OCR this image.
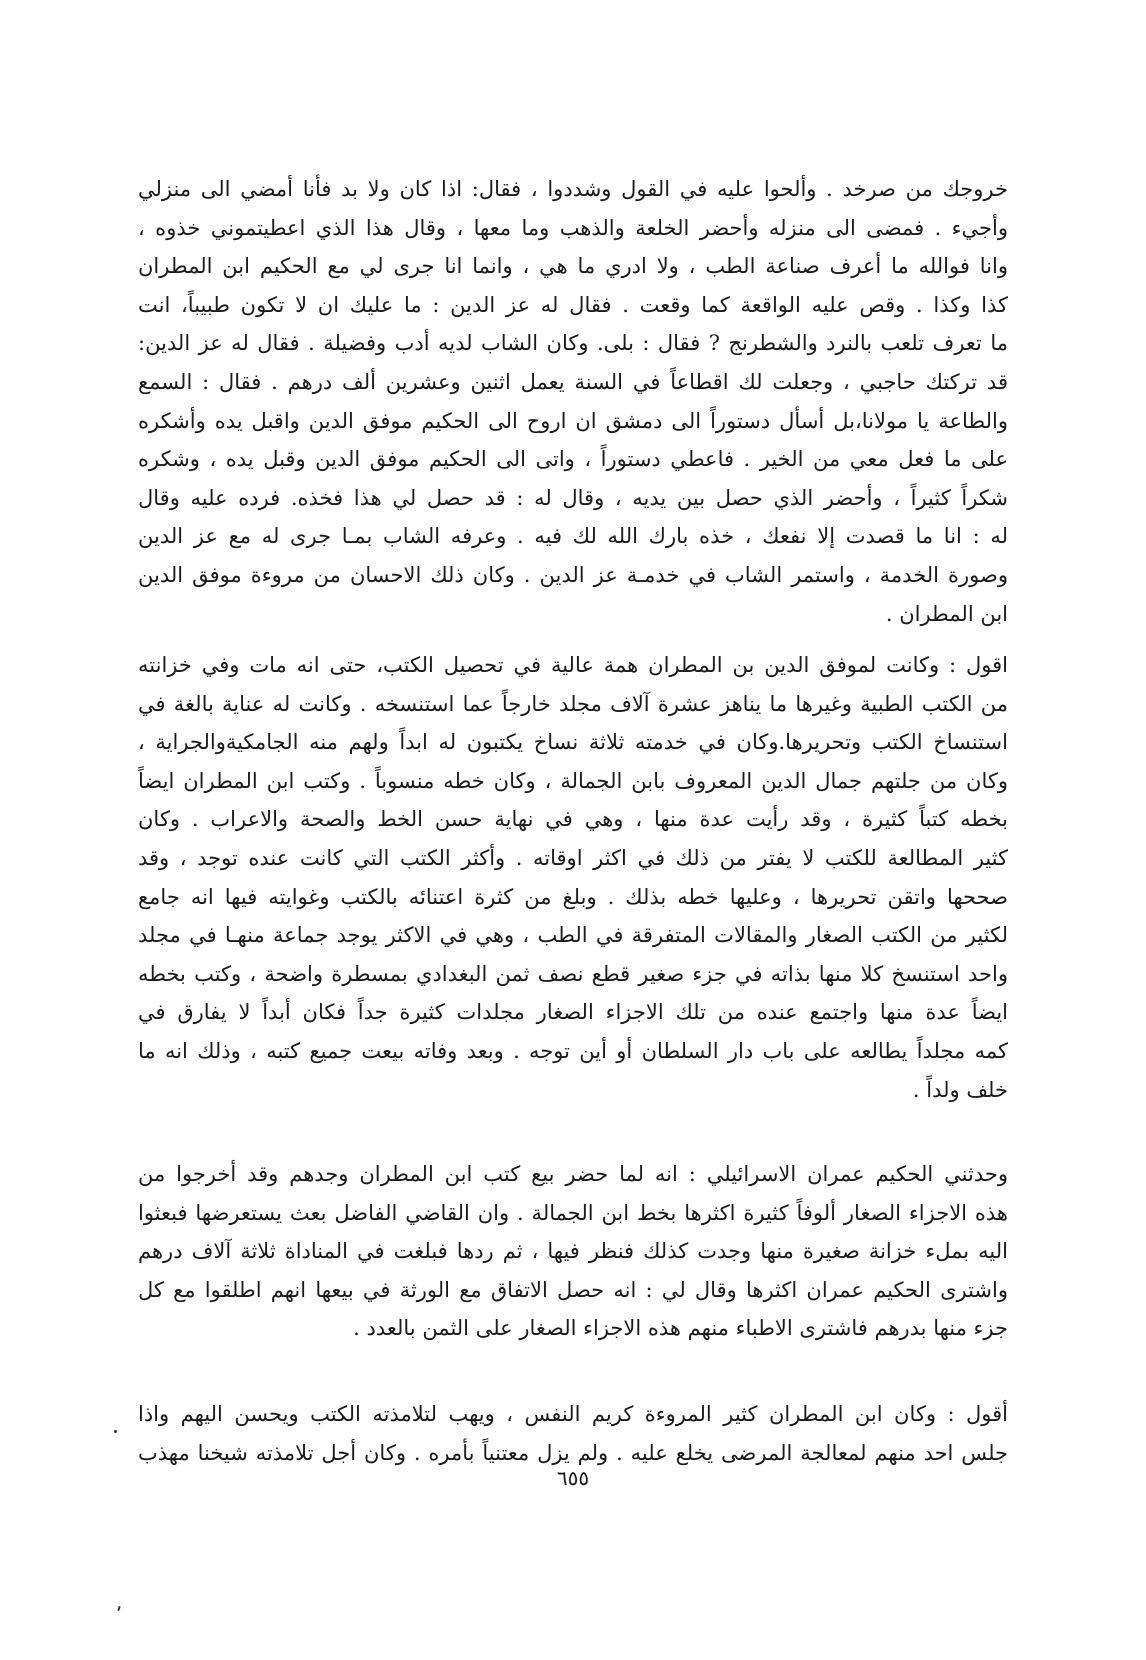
خروجك من صرخد . وألحوا عليه في القول وشددوا ، فقال: اذا كان ولا بد فأنا أمضي الى منزلي
وأجيء . فمضى الى منزله وأحضر الخلعة والذهب وما معها ، وقال هذا الذي اعطيتموني خذوه ،
وانا فوالله ما أعرف صناعة الطب ، ولا ادري ما هي ، وانما انا جرى لي مع الحكيم ابن المطران
كذا وكذا . وقص عليه الواقعة كما وقعت . فقال له عز الدين : ما عليك ان لا تكون طبيباً، انت
ما تعرف تلعب بالنرد والشطرنج ? فقال : بلى. وكان الشاب لديه أدب وفضيلة . فقال له عز الدين:
قد تركتك حاجبي ، وجعلت لك اقطاعاً في السنة يعمل اثنين وعشرين ألف درهم . فقال : السمع
والطاعة يا مولانا،بل أسأل دستوراً الى دمشق ان اروح الى الحكيم موفق الدين واقبل يده وأشكره
على ما فعل معي من الخير . فاعطي دستوراً ، واتى الى الحكيم موفق الدين وقبل يده ، وشكره
شكراً كثيراً ، وأحضر الذي حصل بين يديه ، وقال له : قد حصل لي هذا فخذه. فرده عليه وقال
له : انا ما قصدت إلا نفعك ، خذه بارك الله لك فيه . وعرفه الشاب بمـا جرى له مع عز الدين
وصورة الخدمة ، واستمر الشاب في خدمـة عز الدين . وكان ذلك الاحسان من مروءة موفق الدين
ابن المطران .
اقول : وكانت لموفق الدين بن المطران همة عالية في تحصيل الكتب، حتى انه مات وفي خزانته
من الكتب الطبية وغيرها ما يناهز عشرة آلاف مجلد خارجاً عما استنسخه . وكانت له عناية بالغة في
استنساخ الكتب وتحريرها.وكان في خدمته ثلاثة نساخ يكتبون له ابداً ولهم منه الجامكيةوالجراية ،
وكان من جلتهم جمال الدين المعروف بابن الجمالة ، وكان خطه منسوباً . وكتب ابن المطران ايضاً
بخطه كتباً كثيرة ، وقد رأيت عدة منها ، وهي في نهاية حسن الخط والصحة والاعراب . وكان
كثير المطالعة للكتب لا يفتر من ذلك في اكثر اوقاته . وأكثر الكتب التي كانت عنده توجد ، وقد
صححها واتقن تحريرها ، وعليها خطه بذلك . وبلغ من كثرة اعتنائه بالكتب وغوايته فيها انه جامع
لكثير من الكتب الصغار والمقالات المتفرقة في الطب ، وهي في الاكثر يوجد جماعة منهـا في مجلد
واحد استنسخ كلا منها بذاته في جزء صغير قطع نصف ثمن البغدادي بمسطرة واضحة ، وكتب بخطه
ايضاً عدة منها واجتمع عنده من تلك الاجزاء الصغار مجلدات كثيرة جداً فكان أبداً لا يفارق في
كمه مجلداً يطالعه على باب دار السلطان أو أين توجه . وبعد وفاته بيعت جميع كتبه ، وذلك انه ما
خلف ولداً .
وحدثني الحكيم عمران الاسرائيلي : انه لما حضر بيع كتب ابن المطران وجدهم وقد أخرجوا من
هذه الاجزاء الصغار ألوفاً كثيرة اكثرها بخط ابن الجمالة . وان القاضي الفاضل بعث يستعرضها فبعثوا
اليه بملء خزانة صغيرة منها وجدت كذلك فنظر فيها ، ثم ردها فبلغت في المناداة ثلاثة آلاف درهم
واشترى الحكيم عمران اكثرها وقال لي : انه حصل الاتفاق مع الورثة في بيعها انهم اطلقوا مع كل
جزء منها بدرهم فاشترى الاطباء منهم هذه الاجزاء الصغار على الثمن بالعدد .
أقول : وكان ابن المطران كثير المروءة كريم النفس ، ويهب لتلامذته الكتب ويحسن اليهم واذا
جلس احد منهم لمعالجة المرضى يخلع عليه . ولم يزل معتنياً بأمره . وكان أجل تلامذته شيخنا مهذب
٦٥٥
